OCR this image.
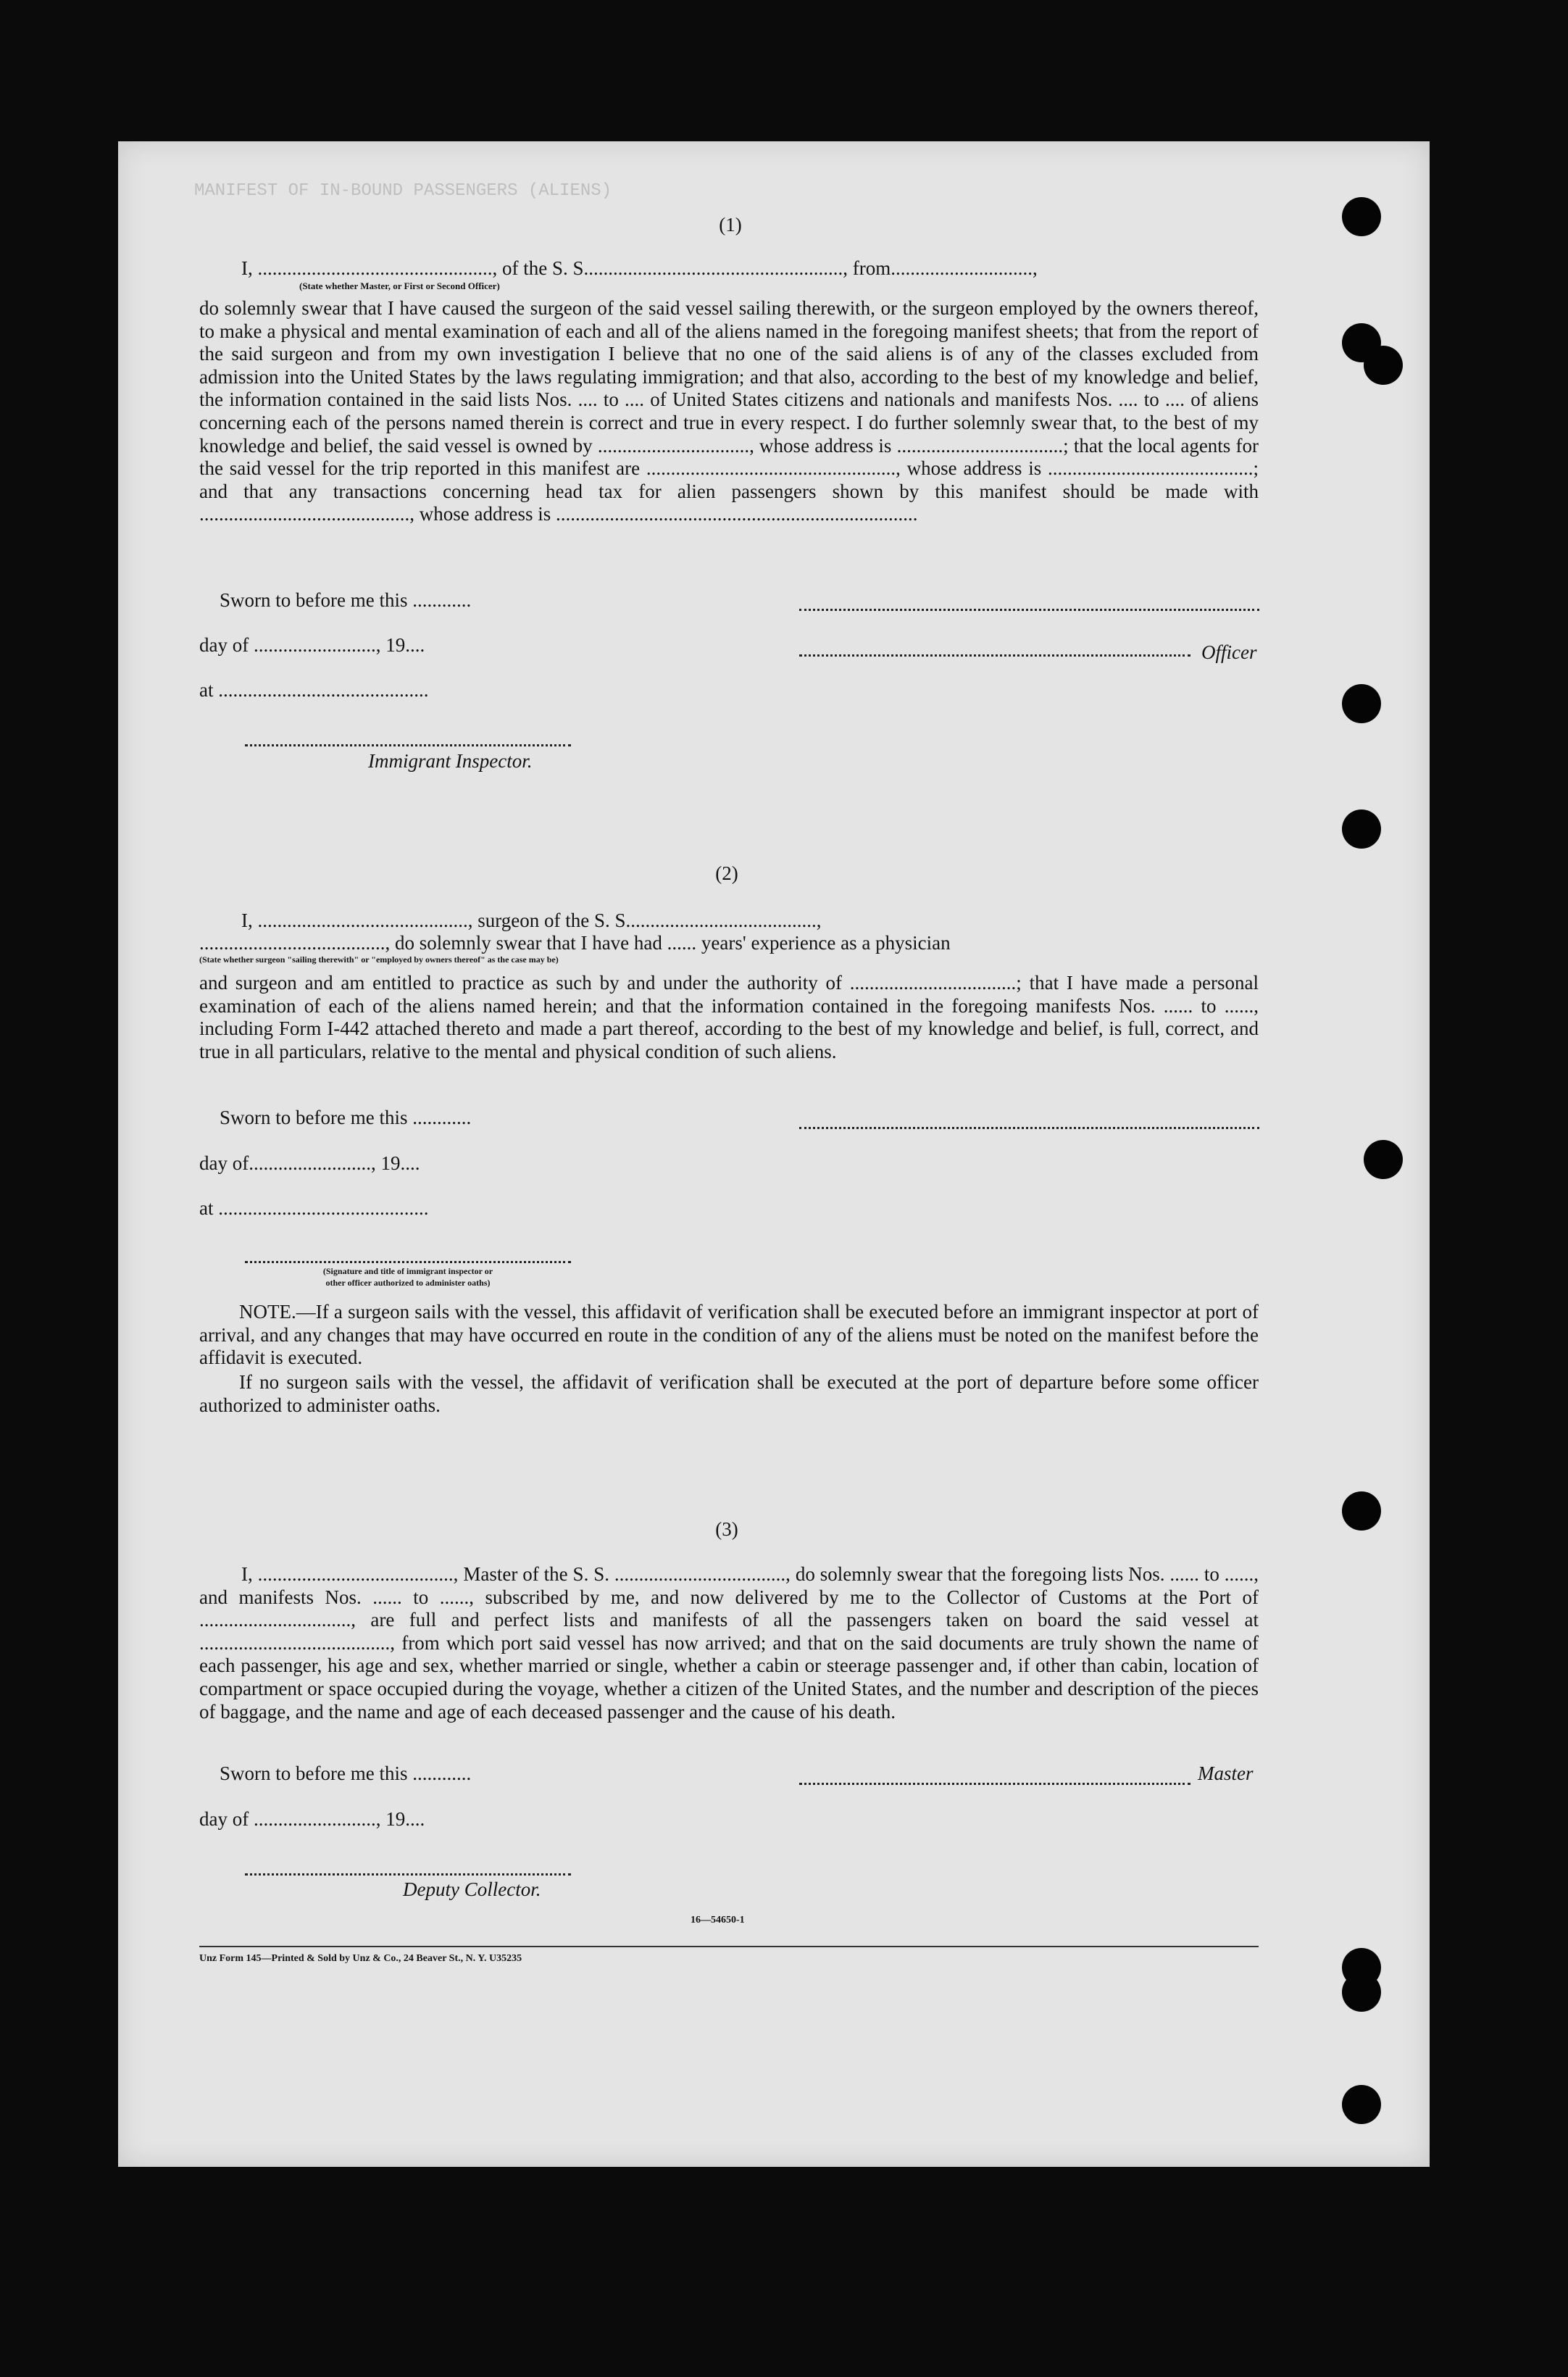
MANIFEST OF IN-BOUND PASSENGERS (ALIENS)
(1)
I, ................................................, of the S. S....................................................., from.............................,
(State whether Master, or First or Second Officer)
do solemnly swear that I have caused the surgeon of the said vessel sailing therewith, or the surgeon employed by the owners thereof, to make a physical and mental examination of each and all of the aliens named in the foregoing manifest sheets; that from the report of the said surgeon and from my own investigation I believe that no one of the said aliens is of any of the classes excluded from admission into the United States by the laws regulating immigration; and that also, according to the best of my knowledge and belief, the information contained in the said lists Nos. .... to .... of United States citizens and nationals and manifests Nos. .... to .... of aliens concerning each of the persons named therein is correct and true in every respect. I do further solemnly swear that, to the best of my knowledge and belief, the said vessel is owned by ..............................., whose address is ..................................; that the local agents for the said vessel for the trip reported in this manifest are ..................................................., whose address is ..........................................; and that any transactions concerning head tax for alien passengers shown by this manifest should be made with ..........................................., whose address is ..........................................................................
Sworn to before me this ............
day of ........................., 19....	Officer
at ...........................................
Immigrant Inspector.
(2)
I, ..........................................., surgeon of the S. S.......................................,
......................................, do solemnly swear that I have had ...... years' experience as a physician
(State whether surgeon "sailing therewith" or "employed by owners thereof" as the case may be)
and surgeon and am entitled to practice as such by and under the authority of ..................................; that I have made a personal examination of each of the aliens named herein; and that the information contained in the foregoing manifests Nos. ...... to ......, including Form I-442 attached thereto and made a part thereof, according to the best of my knowledge and belief, is full, correct, and true in all particulars, relative to the mental and physical condition of such aliens.
Sworn to before me this ............
day of........................., 19....
at ...........................................
(Signature and title of immigrant inspector or
other officer authorized to administer oaths)
NOTE.—If a surgeon sails with the vessel, this affidavit of verification shall be executed before an immigrant inspector at port of arrival, and any changes that may have occurred en route in the condition of any of the aliens must be noted on the manifest before the affidavit is executed.
If no surgeon sails with the vessel, the affidavit of verification shall be executed at the port of departure before some officer authorized to administer oaths.
(3)
I, ........................................, Master of the S. S. ..................................., do solemnly swear that the foregoing lists Nos. ...... to ......, and manifests Nos. ...... to ......, subscribed by me, and now delivered by me to the Collector of Customs at the Port of ..............................., are full and perfect lists and manifests of all the passengers taken on board the said vessel at ......................................., from which port said vessel has now arrived; and that on the said documents are truly shown the name of each passenger, his age and sex, whether married or single, whether a cabin or steerage passenger and, if other than cabin, location of compartment or space occupied during the voyage, whether a citizen of the United States, and the number and description of the pieces of baggage, and the name and age of each deceased passenger and the cause of his death.
Sworn to before me this ............	Master
day of ........................., 19....
Deputy Collector.
16—54650-1
Unz Form 145—Printed & Sold by Unz & Co., 24 Beaver St., N. Y. U35235
